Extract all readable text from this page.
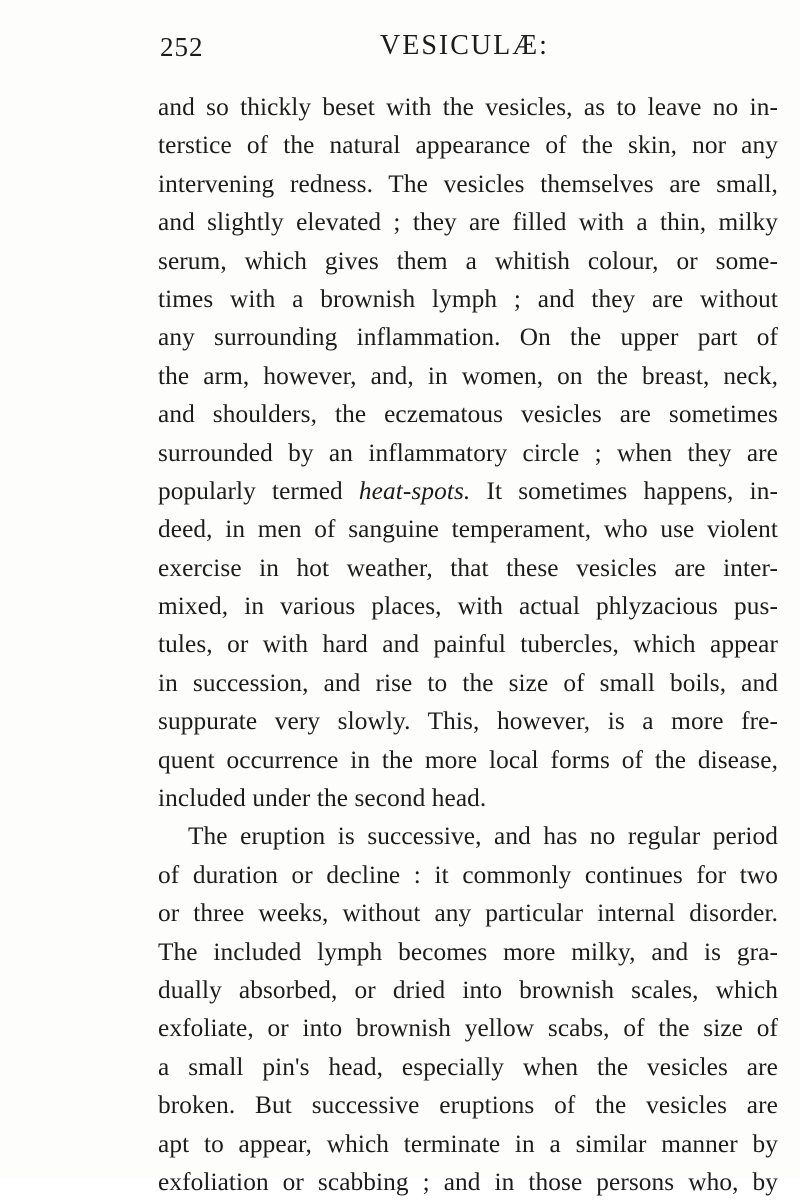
252	VESICULÆ:
and so thickly beset with the vesicles, as to leave no in-
terstice of the natural appearance of the skin, nor any
intervening redness. The vesicles themselves are small,
and slightly elevated ; they are filled with a thin, milky
serum, which gives them a whitish colour, or some-
times with a brownish lymph ; and they are without
any surrounding inflammation. On the upper part of
the arm, however, and, in women, on the breast, neck,
and shoulders, the eczematous vesicles are sometimes
surrounded by an inflammatory circle ; when they are
popularly termed heat-spots. It sometimes happens, in-
deed, in men of sanguine temperament, who use violent
exercise in hot weather, that these vesicles are inter-
mixed, in various places, with actual phlyzacious pus-
tules, or with hard and painful tubercles, which appear
in succession, and rise to the size of small boils, and
suppurate very slowly. This, however, is a more fre-
quent occurrence in the more local forms of the disease,
included under the second head.
The eruption is successive, and has no regular period
of duration or decline : it commonly continues for two
or three weeks, without any particular internal disorder.
The included lymph becomes more milky, and is gra-
dually absorbed, or dried into brownish scales, which
exfoliate, or into brownish yellow scabs, of the size of
a small pin's head, especially when the vesicles are
broken. But successive eruptions of the vesicles are
apt to appear, which terminate in a similar manner by
exfoliation or scabbing ; and in those persons who, by
